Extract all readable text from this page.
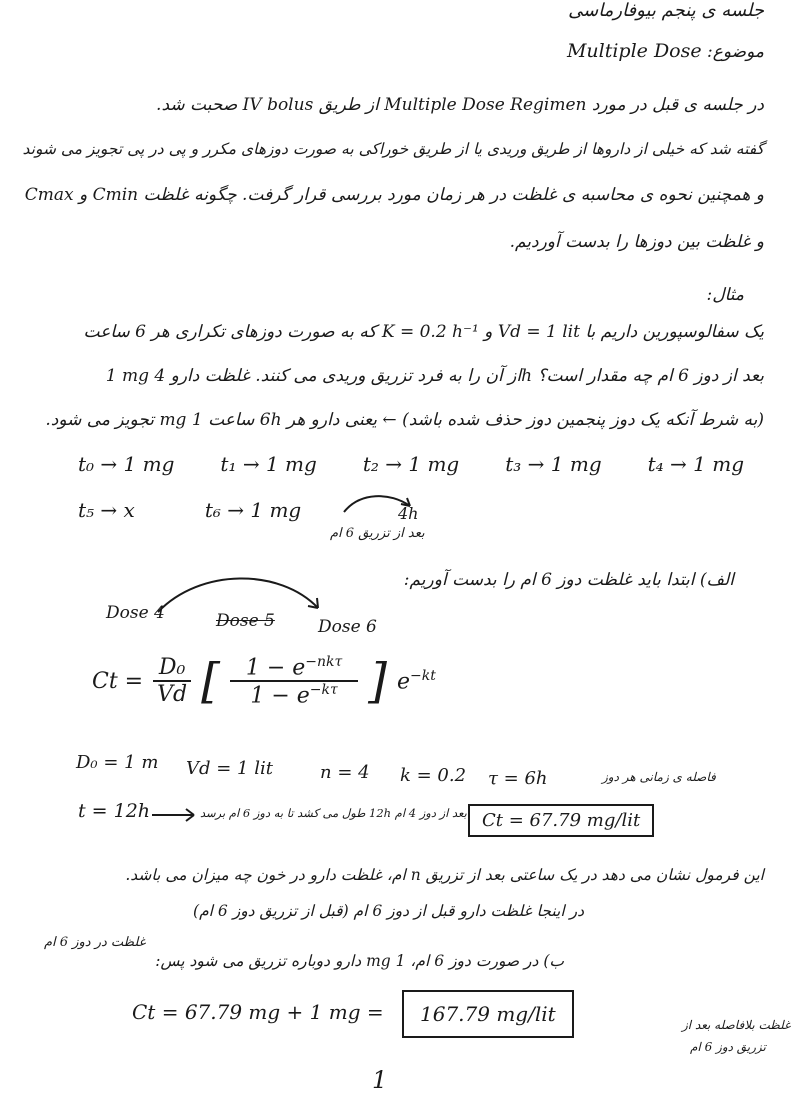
جلسه ی پنجم بیوفارماسی
موضوع: Multiple Dose
در جلسه ی قبل در مورد Multiple Dose Regimen از طریق IV bolus صحبت شد.
گفته شد که خیلی از داروها از طریق وریدی یا از طریق خوراکی به صورت دوزهای مکرر و پی در پی تجویز می شوند
و همچنین نحوه ی محاسبه ی غلظت در هر زمان مورد بررسی قرار گرفت. چگونه غلظت Cmin و Cmax
و غلظت بین دوزها را بدست آوردیم.
مثال:
یک سفالوسپورین داریم با Vd = 1 lit و K = 0.2 h⁻¹ که به صورت دوزهای تکراری هر 6 ساعت
1 mg از آن را به فرد تزریق وریدی می کنند. غلظت دارو 4h بعد از دوز 6 ام چه مقدار است؟
(به شرط آنکه یک دوز پنجمین دوز حذف شده باشد) ← یعنی دارو هر 6h ساعت 1 mg تجویز می شود.
t₀ → 1 mg t₁ → 1 mg t₂ → 1 mg t₃ → 1 mg t₄ → 1 mg
t₅ → x	t₆ → 1 mg	4h
بعد از تزریق 6 ام
الف) ابتدا باید غلظت دوز 6 ام را بدست آوریم:
Dose 4	Dose 5	Dose 6
$Ct = \frac{\text{D₀}}{Vd}$ [ $\frac{1 - e^{-nk\tau}}{1 - e^{-k\tau}}$ ] $e^{-kt}$
D₀ = 1 m Vd = 1 lit	n = 4 k = 0.2 τ = 6h	فاصله ی زمانی هر دوز
t = 12h	بعد از دوز 4 ام 12h طول می کشد تا به دوز 6 ام برسد Ct = 67.79 mg/lit
این فرمول نشان می دهد در یک ساعتی بعد از تزریق n ام، غلظت دارو در خون چه میزان می باشد.
در اینجا غلظت دارو قبل از دوز 6 ام (قبل از تزریق دوز 6 ام)
غلظت در دوز 6 ام
ب) در صورت دوز 6 ام، 1 mg دارو دوباره تزریق می شود پس:
Ct = 67.79 mg + 1 mg =	167.79 mg/lit	غلظت بلافاصله بعد از
تزریق دوز 6 ام
1
